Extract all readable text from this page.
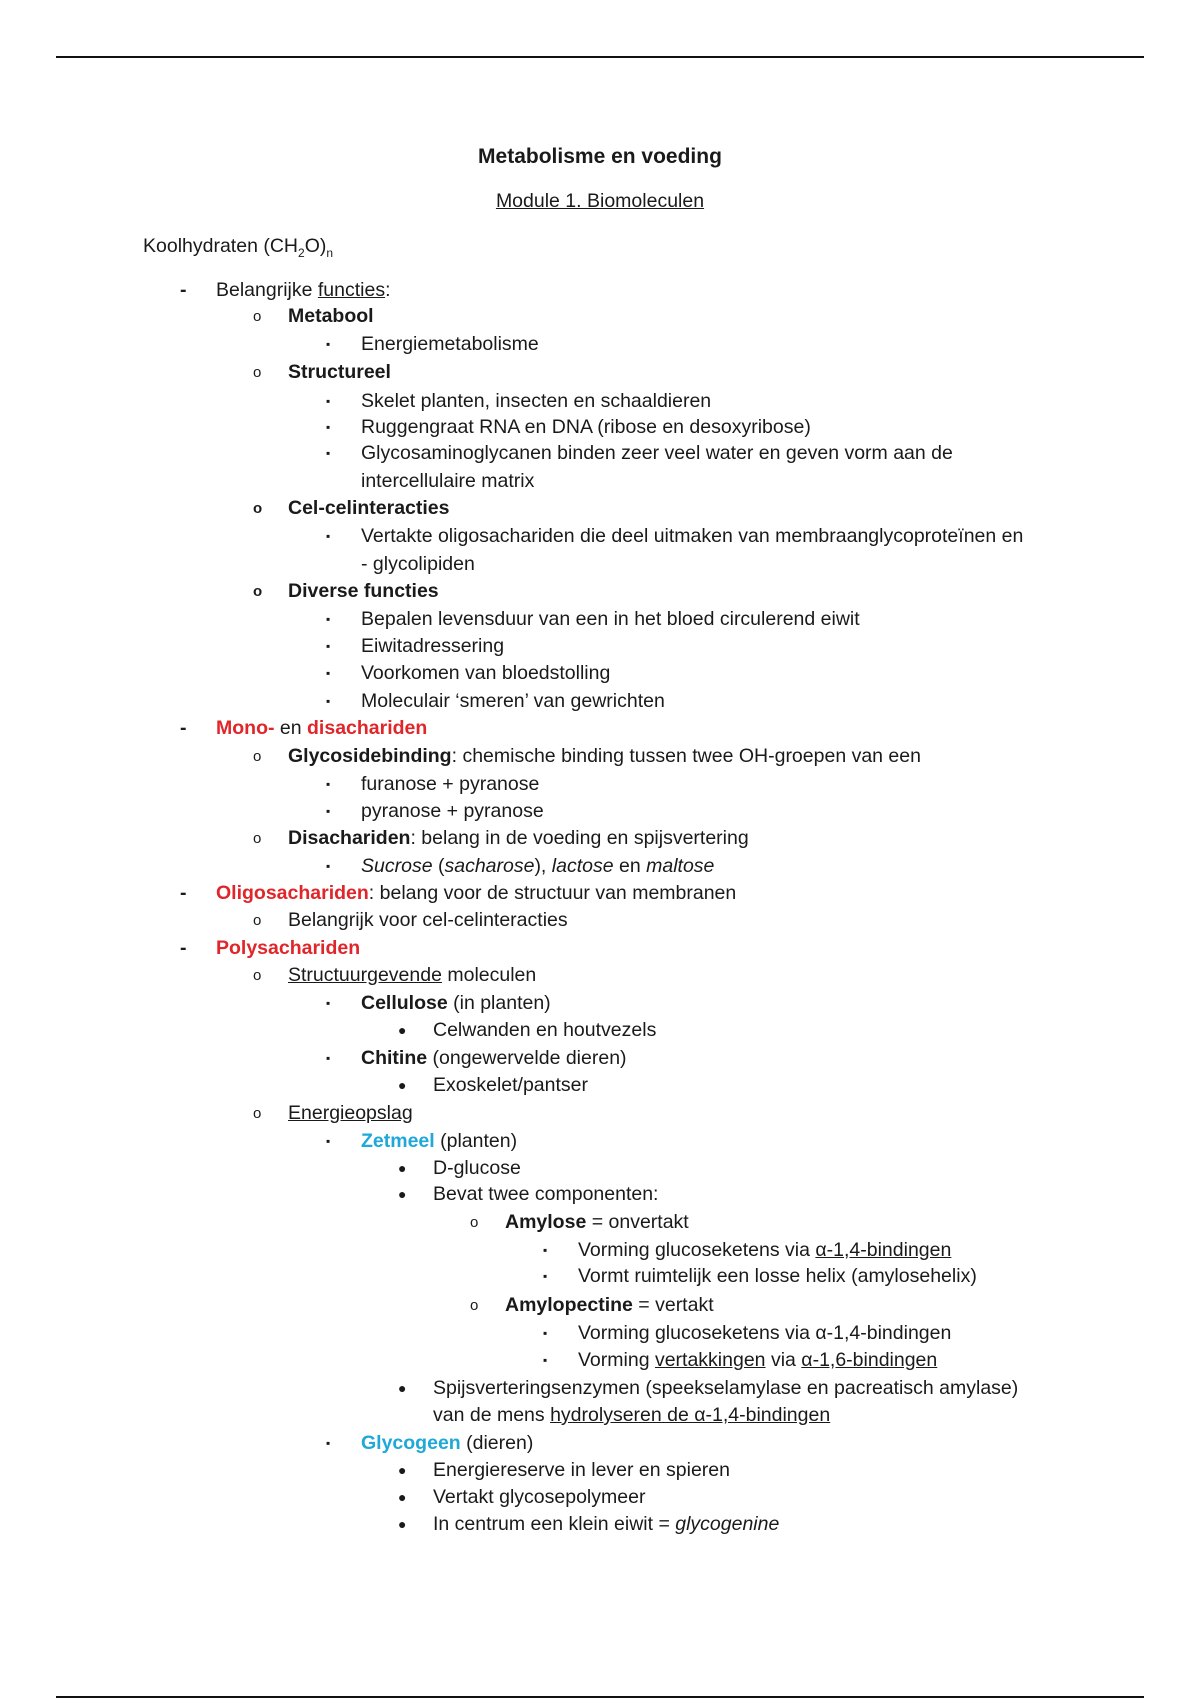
Metabolisme en voeding
Module 1. Biomoleculen
Koolhydraten $(CH_2O)_n$
- Belangrijke functies:
o Metabool
▪ Energiemetabolisme
o Structureel
▪ Skelet planten, insecten en schaaldieren
▪ Ruggengraat RNA en DNA (ribose en desoxyribose)
▪ Glycosaminoglycanen binden zeer veel water en geven vorm aan de
intercellulaire matrix
o Cel-celinteracties
▪ Vertakte oligosachariden die deel uitmaken van membraanglycoproteïnen en
- glycolipiden
o Diverse functies
▪ Bepalen levensduur van een in het bloed circulerend eiwit
▪ Eiwitadressering
▪ Voorkomen van bloedstolling
▪ Moleculair ‘smeren’ van gewrichten
- Mono- en disachariden
o Glycosidebinding: chemische binding tussen twee OH-groepen van een
▪ furanose + pyranose
▪ pyranose + pyranose
o Disachariden: belang in de voeding en spijsvertering
▪ Sucrose (sacharose), lactose en maltose
- Oligosachariden: belang voor de structuur van membranen
o Belangrijk voor cel-celinteracties
- Polysachariden
o Structuurgevende moleculen
▪ Cellulose (in planten)
● Celwanden en houtvezels
▪ Chitine (ongewervelde dieren)
● Exoskelet/pantser
o Energieopslag
▪ Zetmeel (planten)
● D-glucose
● Bevat twee componenten:
o Amylose = onvertakt
▪ Vorming glucoseketens via α-1,4-bindingen
▪ Vormt ruimtelijk een losse helix (amylosehelix)
o Amylopectine = vertakt
▪ Vorming glucoseketens via α-1,4-bindingen
▪ Vorming vertakkingen via α-1,6-bindingen
● Spijsverteringsenzymen (speekselamylase en pacreatisch amylase)
van de mens hydrolyseren de α-1,4-bindingen
▪ Glycogeen (dieren)
● Energiereserve in lever en spieren
● Vertakt glycosepolymeer
● In centrum een klein eiwit = glycogenine
